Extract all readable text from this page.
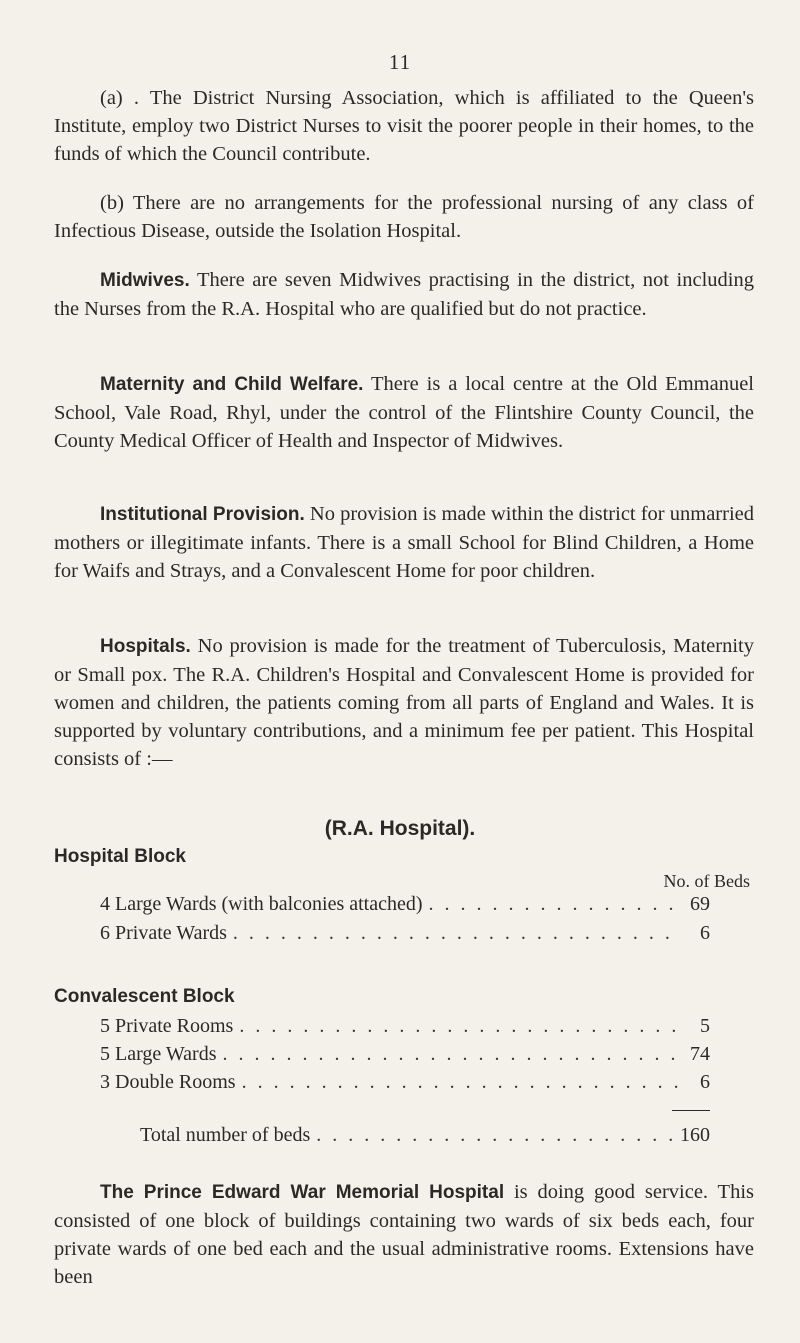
11
(a) . The District Nursing Association, which is affiliated to the Queen's Institute, employ two District Nurses to visit the poorer people in their homes, to the funds of which the Council contribute.
(b) There are no arrangements for the professional nursing of any class of Infectious Disease, outside the Isolation Hospital.
Midwives. There are seven Midwives practising in the district, not including the Nurses from the R.A. Hospital who are qualified but do not practice.
Maternity and Child Welfare. There is a local centre at the Old Emmanuel School, Vale Road, Rhyl, under the control of the Flintshire County Council, the County Medical Officer of Health and Inspector of Midwives.
Institutional Provision. No provision is made within the district for unmarried mothers or illegitimate infants. There is a small School for Blind Children, a Home for Waifs and Strays, and a Convalescent Home for poor children.
Hospitals. No provision is made for the treatment of Tuberculosis, Maternity or Small pox. The R.A. Children's Hospital and Convalescent Home is provided for women and children, the patients coming from all parts of England and Wales. It is supported by voluntary contributions, and a minimum fee per patient. This Hospital consists of :—
(R.A. Hospital).
Hospital Block
No. of Beds
4 Large Wards (with balconies attached) . . .	69
6 Private Wards . . .	6
Convalescent Block
5 Private Rooms . . .	5
5 Large Wards . . .	74
3 Double Rooms . . .	6
Total number of beds . . .	160
The Prince Edward War Memorial Hospital is doing good service. This consisted of one block of buildings containing two wards of six beds each, four private wards of one bed each and the usual administrative rooms. Extensions have been
